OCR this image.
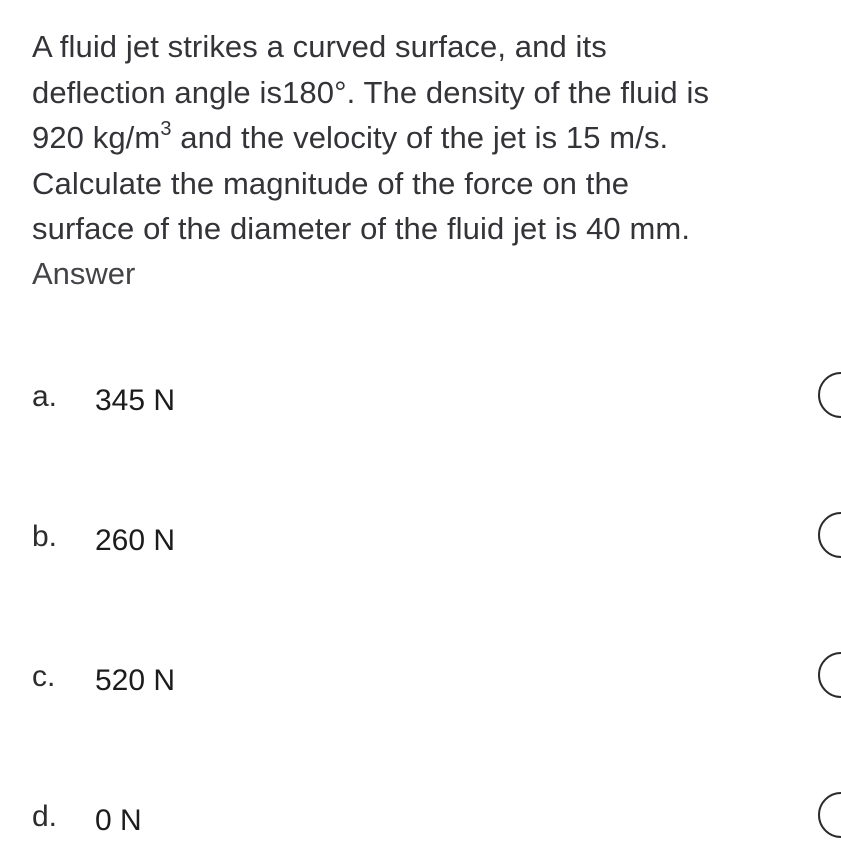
A fluid jet strikes a curved surface, and its
deflection angle is180°. The density of the fluid is
920 $kg/m^3$ and the velocity of the jet is 15 m/s.
Calculate the magnitude of the force on the
surface of the diameter of the fluid jet is 40 mm.
Answer
a. 345 N
b. 260 N
c. 520 N
d. 0 N
